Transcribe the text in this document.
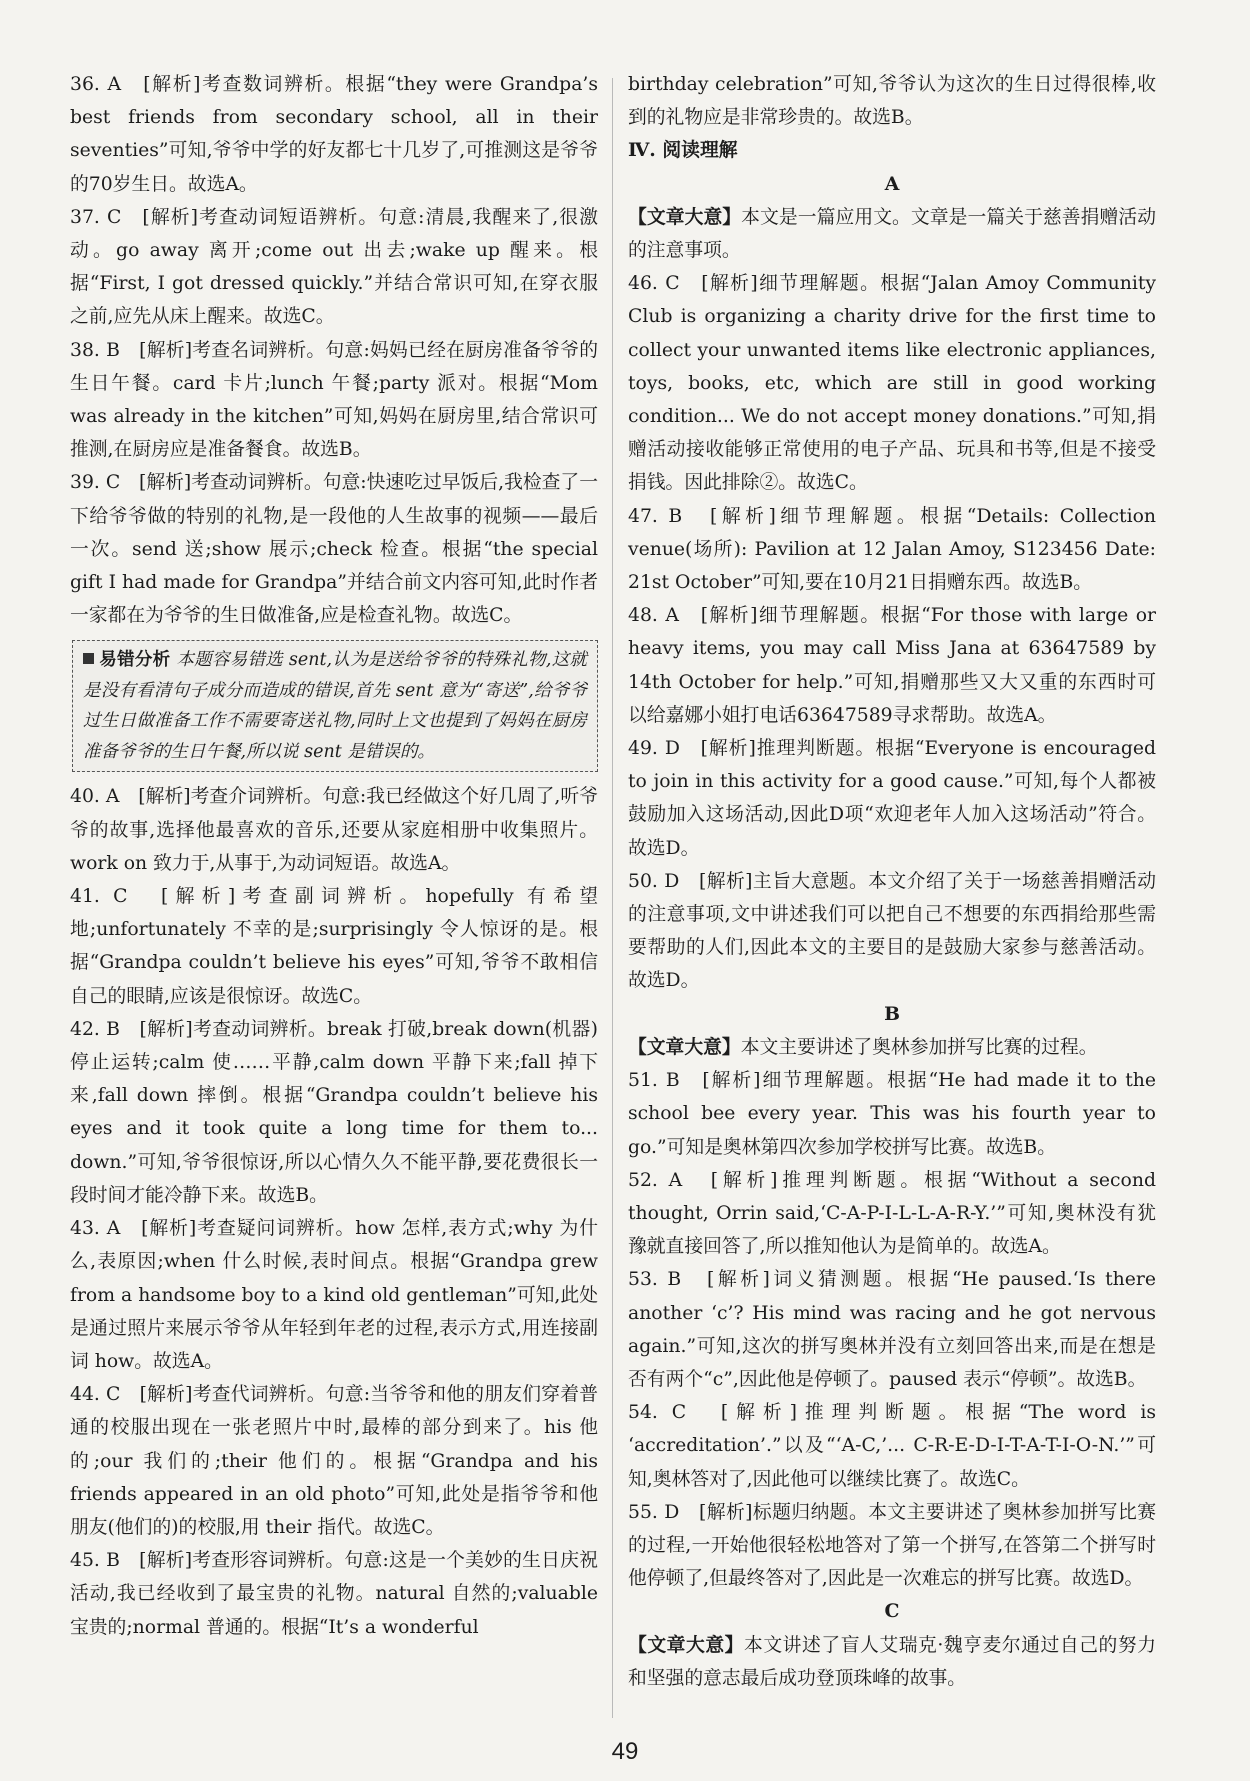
36. A　[解析]考查数词辨析。根据“they were Grandpa’s best friends from secondary school, all in their seventies”可知,爷爷中学的好友都七十几岁了,可推测这是爷爷的70岁生日。故选A。

37. C　[解析]考查动词短语辨析。句意:清晨,我醒来了,很激动。go away 离开;come out 出去;wake up 醒来。根据“First, I got dressed quickly.”并结合常识可知,在穿衣服之前,应先从床上醒来。故选C。

38. B　[解析]考查名词辨析。句意:妈妈已经在厨房准备爷爷的生日午餐。card 卡片;lunch 午餐;party 派对。根据“Mom was already in the kitchen”可知,妈妈在厨房里,结合常识可推测,在厨房应是准备餐食。故选B。

39. C　[解析]考查动词辨析。句意:快速吃过早饭后,我检查了一下给爷爷做的特别的礼物,是一段他的人生故事的视频——最后一次。send 送;show 展示;check 检查。根据“the special gift I had made for Grandpa”并结合前文内容可知,此时作者一家都在为爷爷的生日做准备,应是检查礼物。故选C。

易错分析 本题容易错选 sent,认为是送给爷爷的特殊礼物,这就是没有看清句子成分而造成的错误,首先 sent 意为“寄送”,给爷爷过生日做准备工作不需要寄送礼物,同时上文也提到了妈妈在厨房准备爷爷的生日午餐,所以说 sent 是错误的。

40. A　[解析]考查介词辨析。句意:我已经做这个好几周了,听爷爷的故事,选择他最喜欢的音乐,还要从家庭相册中收集照片。work on 致力于,从事于,为动词短语。故选A。

41. C　[解析]考查副词辨析。hopefully 有希望地;unfortunately 不幸的是;surprisingly 令人惊讶的是。根据“Grandpa couldn’t believe his eyes”可知,爷爷不敢相信自己的眼睛,应该是很惊讶。故选C。

42. B　[解析]考查动词辨析。break 打破,break down(机器)停止运转;calm 使……平静,calm down 平静下来;fall 掉下来,fall down 摔倒。根据“Grandpa couldn’t believe his eyes and it took quite a long time for them to... down.”可知,爷爷很惊讶,所以心情久久不能平静,要花费很长一段时间才能冷静下来。故选B。

43. A　[解析]考查疑问词辨析。how 怎样,表方式;why 为什么,表原因;when 什么时候,表时间点。根据“Grandpa grew from a handsome boy to a kind old gentleman”可知,此处是通过照片来展示爷爷从年轻到年老的过程,表示方式,用连接副词 how。故选A。

44. C　[解析]考查代词辨析。句意:当爷爷和他的朋友们穿着普通的校服出现在一张老照片中时,最棒的部分到来了。his 他的;our 我们的;their 他们的。根据“Grandpa and his friends appeared in an old photo”可知,此处是指爷爷和他朋友(他们的)的校服,用 their 指代。故选C。

45. B　[解析]考查形容词辨析。句意:这是一个美妙的生日庆祝活动,我已经收到了最宝贵的礼物。natural 自然的;valuable 宝贵的;normal 普通的。根据“It’s a wonderful

birthday celebration”可知,爷爷认为这次的生日过得很棒,收到的礼物应是非常珍贵的。故选B。

Ⅳ. 阅读理解

A

【文章大意】本文是一篇应用文。文章是一篇关于慈善捐赠活动的注意事项。

46. C　[解析]细节理解题。根据“Jalan Amoy Community Club is organizing a charity drive for the first time to collect your unwanted items like electronic appliances, toys, books, etc, which are still in good working condition... We do not accept money donations.”可知,捐赠活动接收能够正常使用的电子产品、玩具和书等,但是不接受捐钱。因此排除②。故选C。

47. B　[解析]细节理解题。根据“Details: Collection venue(场所): Pavilion at 12 Jalan Amoy, S123456 Date: 21st October”可知,要在10月21日捐赠东西。故选B。

48. A　[解析]细节理解题。根据“For those with large or heavy items, you may call Miss Jana at 63647589 by 14th October for help.”可知,捐赠那些又大又重的东西时可以给嘉娜小姐打电话63647589寻求帮助。故选A。

49. D　[解析]推理判断题。根据“Everyone is encouraged to join in this activity for a good cause.”可知,每个人都被鼓励加入这场活动,因此D项“欢迎老年人加入这场活动”符合。故选D。

50. D　[解析]主旨大意题。本文介绍了关于一场慈善捐赠活动的注意事项,文中讲述我们可以把自己不想要的东西捐给那些需要帮助的人们,因此本文的主要目的是鼓励大家参与慈善活动。故选D。

B

【文章大意】本文主要讲述了奥林参加拼写比赛的过程。

51. B　[解析]细节理解题。根据“He had made it to the school bee every year. This was his fourth year to go.”可知是奥林第四次参加学校拼写比赛。故选B。

52. A　[解析]推理判断题。根据“Without a second thought, Orrin said,‘C-A-P-I-L-L-A-R-Y.’”可知,奥林没有犹豫就直接回答了,所以推知他认为是简单的。故选A。

53. B　[解析]词义猜测题。根据“He paused.‘Is there another ‘c’? His mind was racing and he got nervous again.”可知,这次的拼写奥林并没有立刻回答出来,而是在想是否有两个“c”,因此他是停顿了。paused 表示“停顿”。故选B。

54. C　[解析]推理判断题。根据“The word is ‘accreditation’.”以及“‘A-C,’... C-R-E-D-I-T-A-T-I-O-N.’”可知,奥林答对了,因此他可以继续比赛了。故选C。

55. D　[解析]标题归纳题。本文主要讲述了奥林参加拼写比赛的过程,一开始他很轻松地答对了第一个拼写,在答第二个拼写时他停顿了,但最终答对了,因此是一次难忘的拼写比赛。故选D。

C

【文章大意】本文讲述了盲人艾瑞克·魏亨麦尔通过自己的努力和坚强的意志最后成功登顶珠峰的故事。

49
